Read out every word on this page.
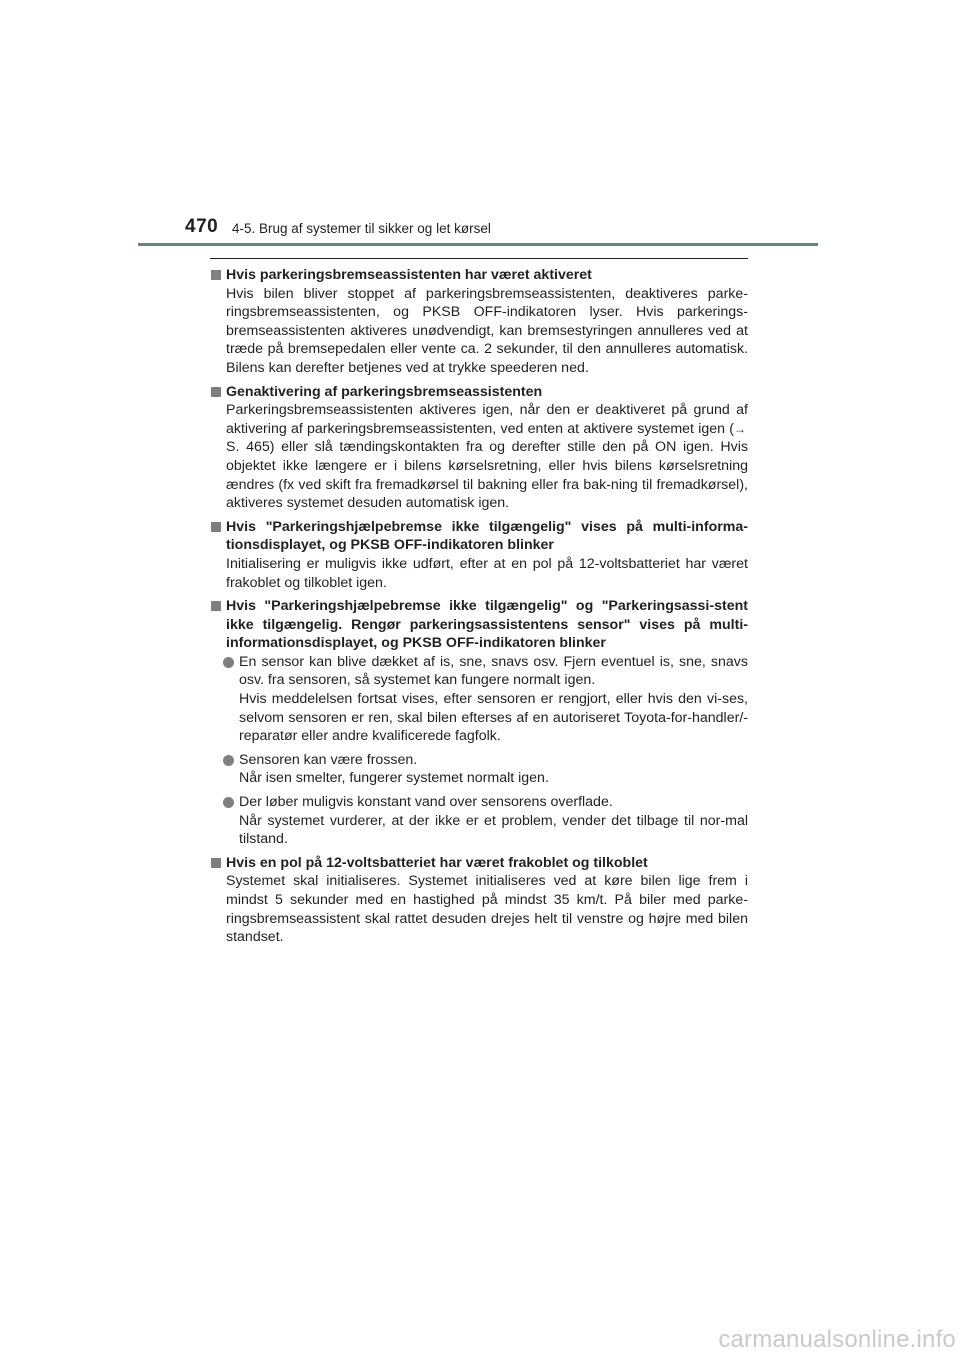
470 4-5. Brug af systemer til sikker og let kørsel
Hvis parkeringsbremseassistenten har været aktiveret
Hvis bilen bliver stoppet af parkeringsbremseassistenten, deaktiveres parke-ringsbremseassistenten, og PKSB OFF-indikatoren lyser. Hvis parkerings-bremseassistenten aktiveres unødvendigt, kan bremsestyringen annulleres ved at træde på bremsepedalen eller vente ca. 2 sekunder, til den annulleres automatisk. Bilens kan derefter betjenes ved at trykke speederen ned.
Genaktivering af parkeringsbremseassistenten
Parkeringsbremseassistenten aktiveres igen, når den er deaktiveret på grund af aktivering af parkeringsbremseassistenten, ved enten at aktivere systemet igen (→S. 465) eller slå tændingskontakten fra og derefter stille den på ON igen. Hvis objektet ikke længere er i bilens kørselsretning, eller hvis bilens kørselsretning ændres (fx ved skift fra fremadkørsel til bakning eller fra bak-ning til fremadkørsel), aktiveres systemet desuden automatisk igen.
Hvis "Parkeringshjælpebremse ikke tilgængelig" vises på multi-informa-tionsdisplayet, og PKSB OFF-indikatoren blinker
Initialisering er muligvis ikke udført, efter at en pol på 12-voltsbatteriet har været frakoblet og tilkoblet igen.
Hvis "Parkeringshjælpebremse ikke tilgængelig" og "Parkeringsassi-stent ikke tilgængelig. Rengør parkeringsassistentens sensor" vises på multi-informationsdisplayet, og PKSB OFF-indikatoren blinker
En sensor kan blive dækket af is, sne, snavs osv. Fjern eventuel is, sne, snavs osv. fra sensoren, så systemet kan fungere normalt igen.
Hvis meddelelsen fortsat vises, efter sensoren er rengjort, eller hvis den vi-ses, selvom sensoren er ren, skal bilen efterses af en autoriseret Toyota-for-handler/-reparatør eller andre kvalificerede fagfolk.
Sensoren kan være frossen.
Når isen smelter, fungerer systemet normalt igen.
Der løber muligvis konstant vand over sensorens overflade.
Når systemet vurderer, at der ikke er et problem, vender det tilbage til nor-mal tilstand.
Hvis en pol på 12-voltsbatteriet har været frakoblet og tilkoblet
Systemet skal initialiseres. Systemet initialiseres ved at køre bilen lige frem i mindst 5 sekunder med en hastighed på mindst 35 km/t. På biler med parke-ringsbremseassistent skal rattet desuden drejes helt til venstre og højre med bilen standset.
carmanualsonline.info
